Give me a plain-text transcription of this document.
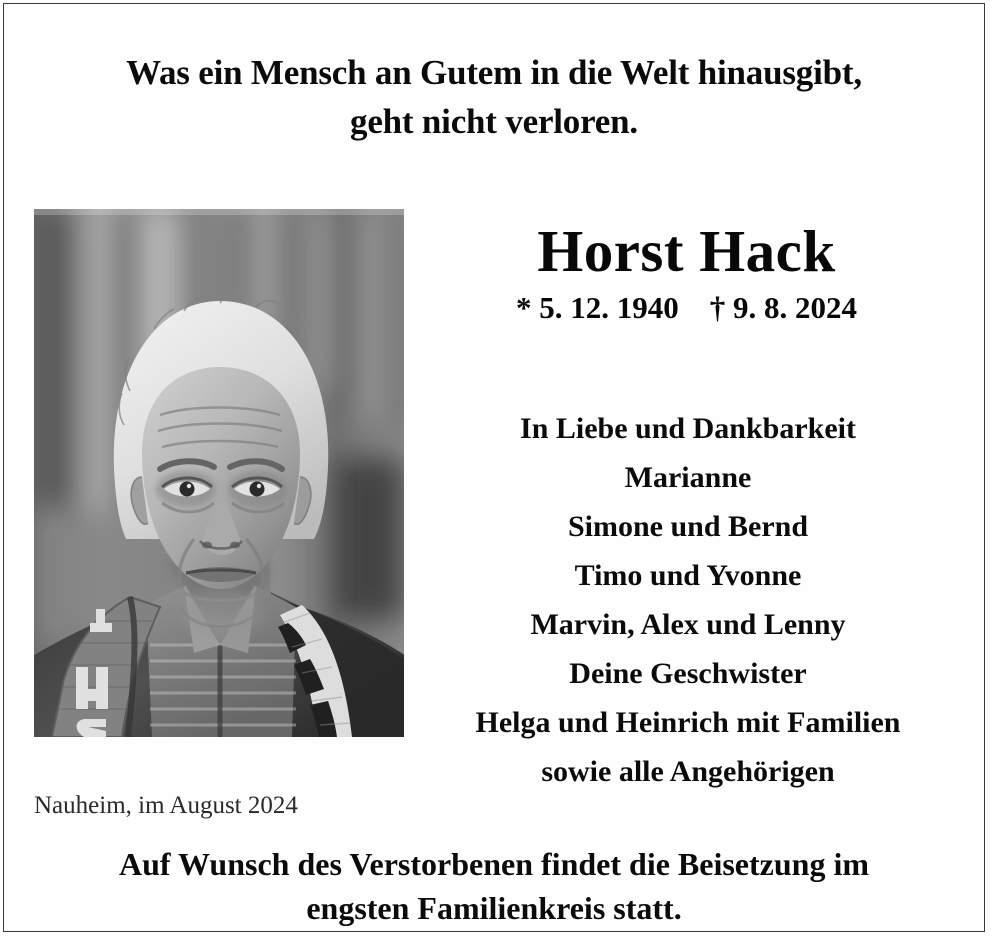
Was ein Mensch an Gutem in die Welt hinausgibt,
geht nicht verloren.
Horst Hack
* 5. 12. 1940    † 9. 8. 2024
In Liebe und Dankbarkeit
Marianne
Simone und Bernd
Timo und Yvonne
Marvin, Alex und Lenny
Deine Geschwister
Helga und Heinrich mit Familien
sowie alle Angehörigen
Nauheim, im August 2024
Auf Wunsch des Verstorbenen findet die Beisetzung im
engsten Familienkreis statt.
